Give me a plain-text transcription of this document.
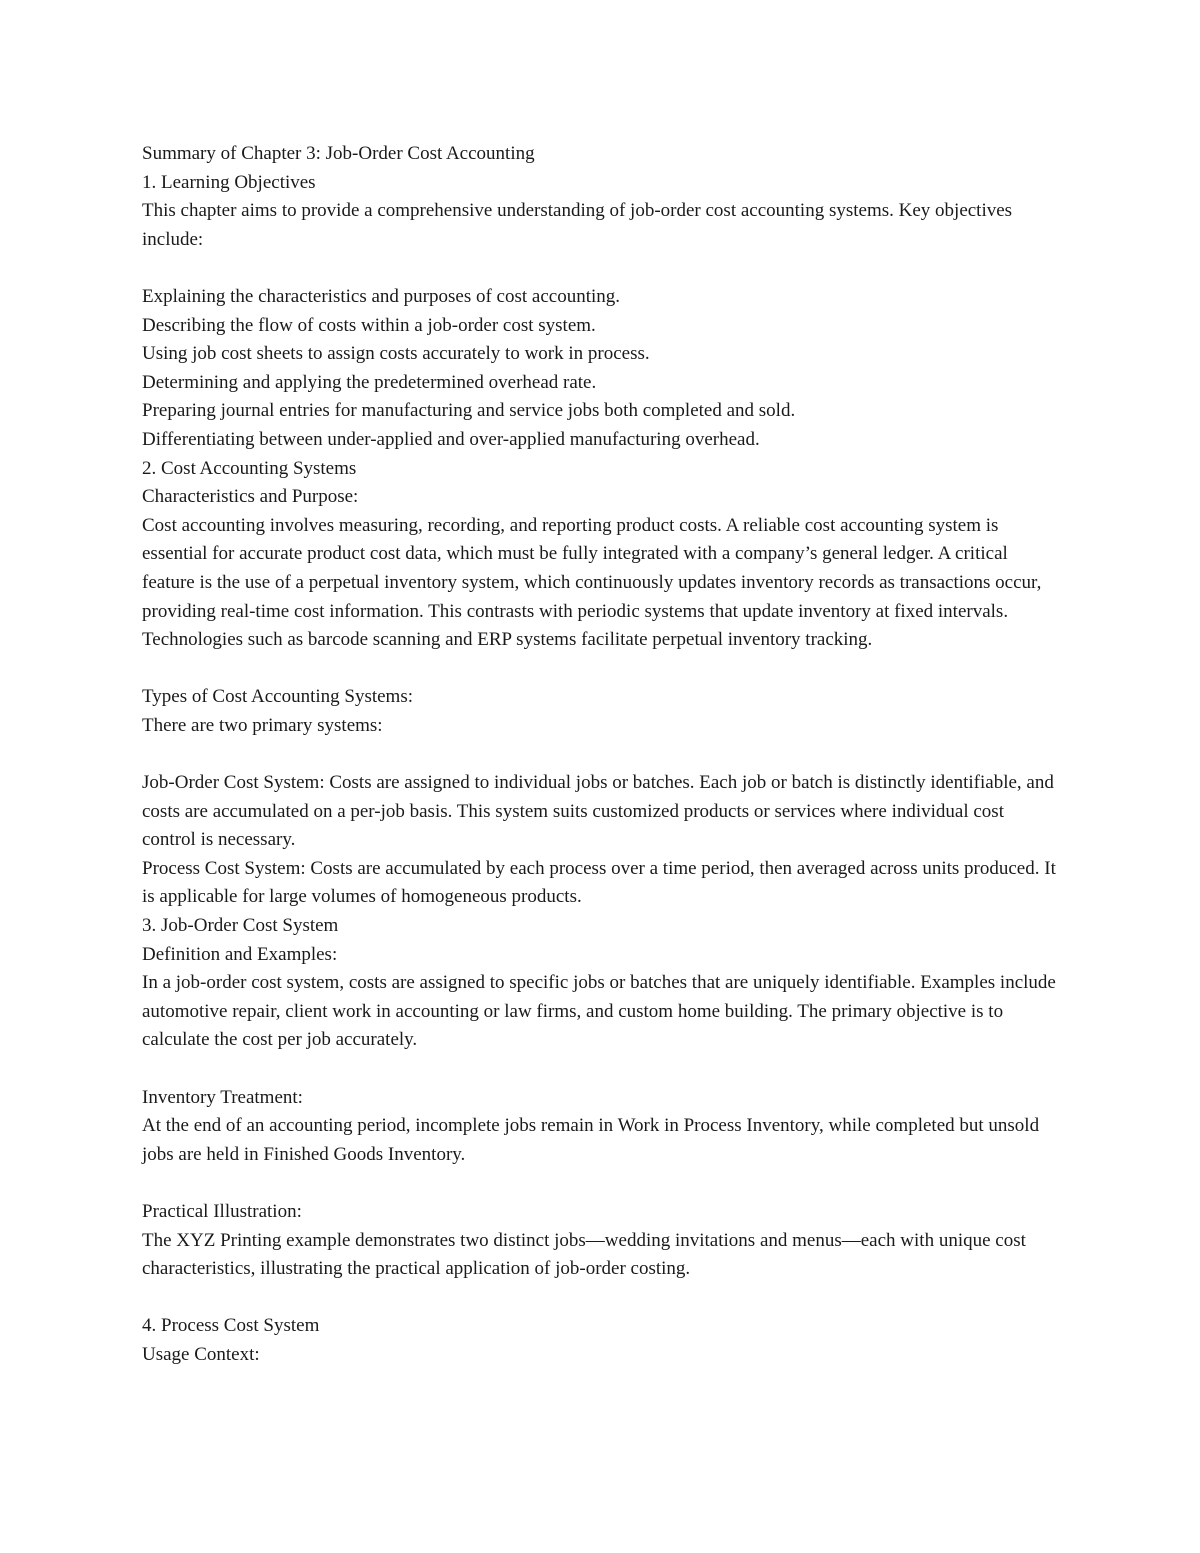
Summary of Chapter 3: Job-Order Cost Accounting

1. Learning Objectives

This chapter aims to provide a comprehensive understanding of job-order cost accounting systems. Key objectives include:

Explaining the characteristics and purposes of cost accounting.

Describing the flow of costs within a job-order cost system.

Using job cost sheets to assign costs accurately to work in process.

Determining and applying the predetermined overhead rate.

Preparing journal entries for manufacturing and service jobs both completed and sold.

Differentiating between under-applied and over-applied manufacturing overhead.

2. Cost Accounting Systems

Characteristics and Purpose:

Cost accounting involves measuring, recording, and reporting product costs. A reliable cost accounting system is essential for accurate product cost data, which must be fully integrated with a company’s general ledger. A critical feature is the use of a perpetual inventory system, which continuously updates inventory records as transactions occur, providing real-time cost information. This contrasts with periodic systems that update inventory at fixed intervals. Technologies such as barcode scanning and ERP systems facilitate perpetual inventory tracking.

Types of Cost Accounting Systems:

There are two primary systems:

Job-Order Cost System: Costs are assigned to individual jobs or batches. Each job or batch is distinctly identifiable, and costs are accumulated on a per-job basis. This system suits customized products or services where individual cost control is necessary.

Process Cost System: Costs are accumulated by each process over a time period, then averaged across units produced. It is applicable for large volumes of homogeneous products.

3. Job-Order Cost System

Definition and Examples:

In a job-order cost system, costs are assigned to specific jobs or batches that are uniquely identifiable. Examples include automotive repair, client work in accounting or law firms, and custom home building. The primary objective is to calculate the cost per job accurately.

Inventory Treatment:

At the end of an accounting period, incomplete jobs remain in Work in Process Inventory, while completed but unsold jobs are held in Finished Goods Inventory.

Practical Illustration:

The XYZ Printing example demonstrates two distinct jobs—wedding invitations and menus—each with unique cost characteristics, illustrating the practical application of job-order costing.

4. Process Cost System

Usage Context:
